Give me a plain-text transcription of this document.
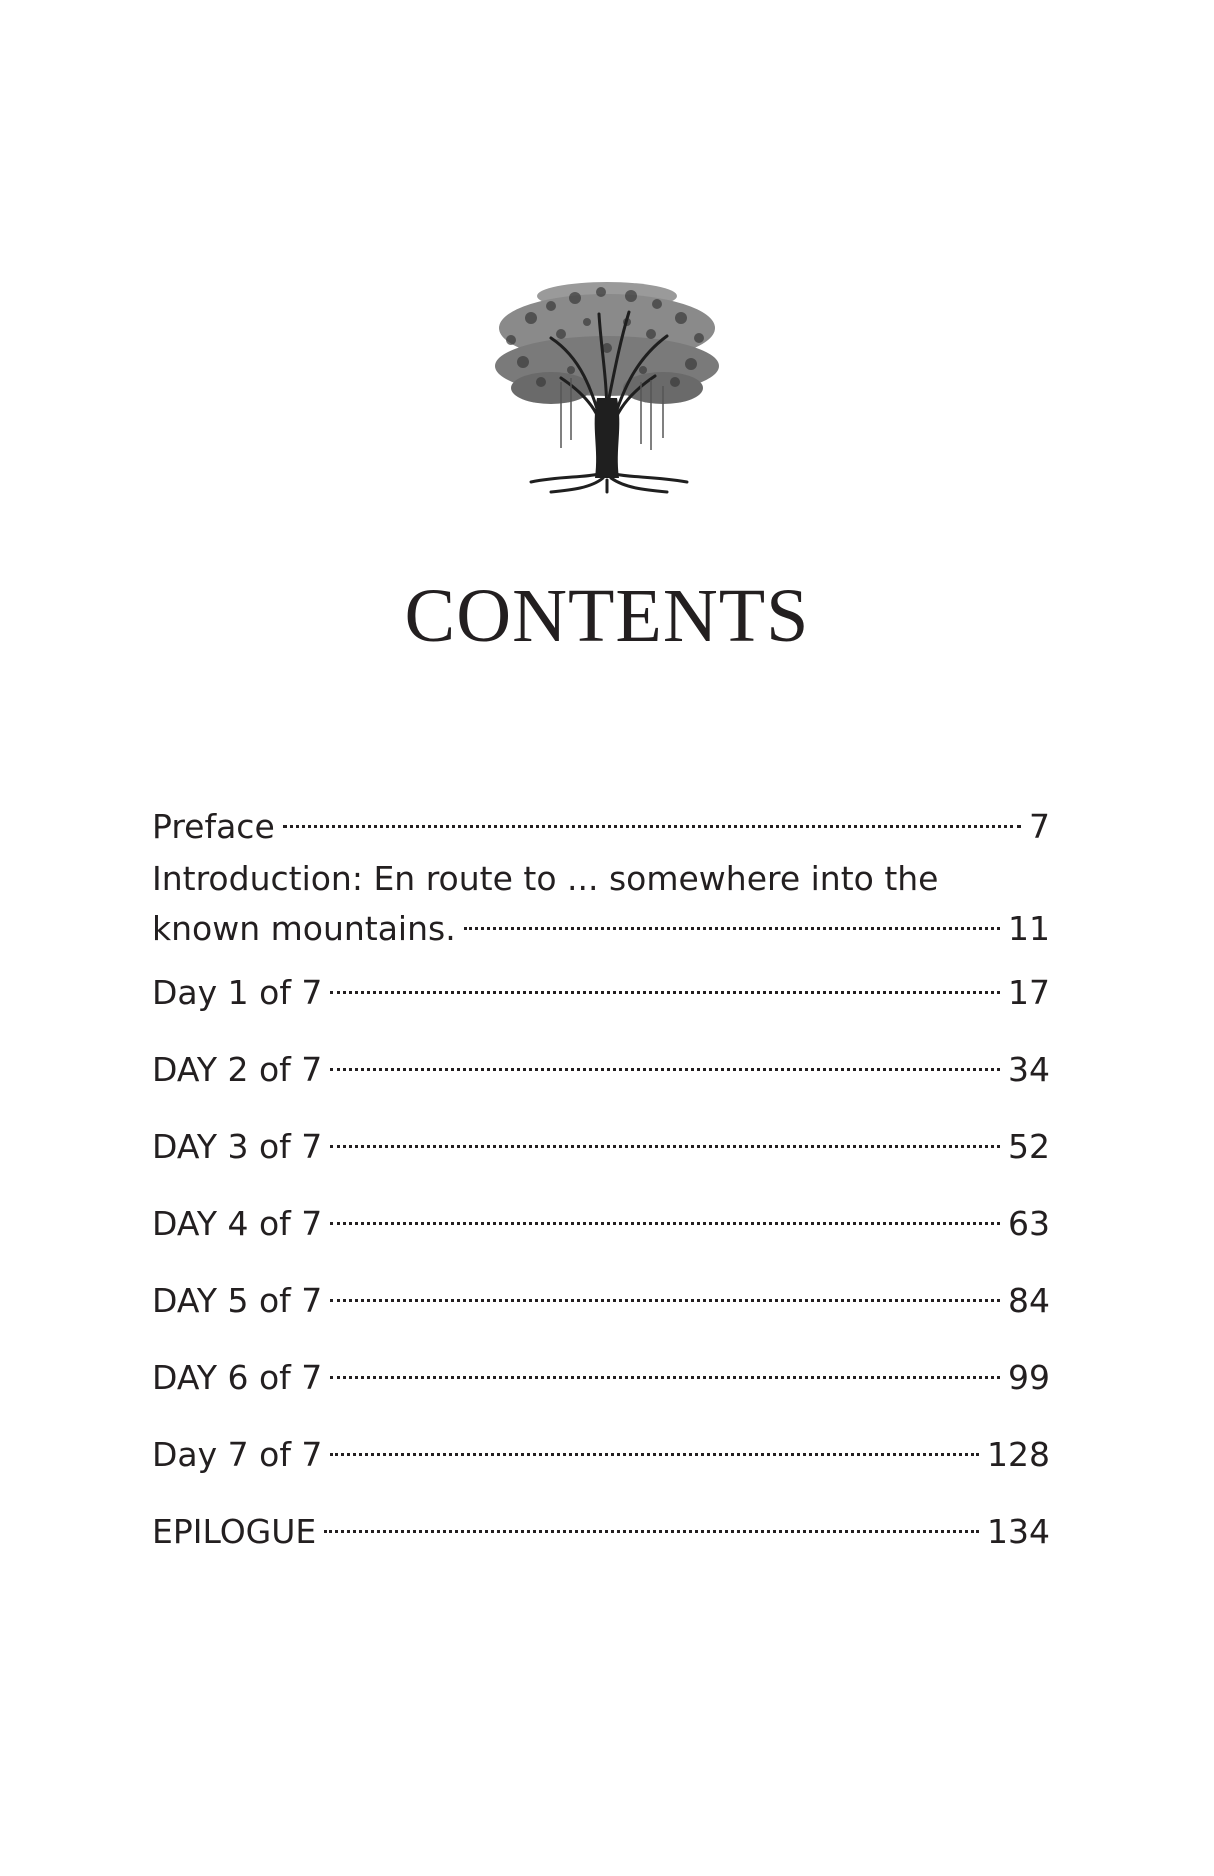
CONTENTS
Preface	7
Introduction: En route to ... somewhere into the
known mountains.	11
Day 1 of 7	17
DAY 2 of 7	34
DAY 3 of 7	52
DAY 4 of 7	63
DAY 5 of 7	84
DAY 6 of 7	99
Day 7 of 7	128
EPILOGUE	134
